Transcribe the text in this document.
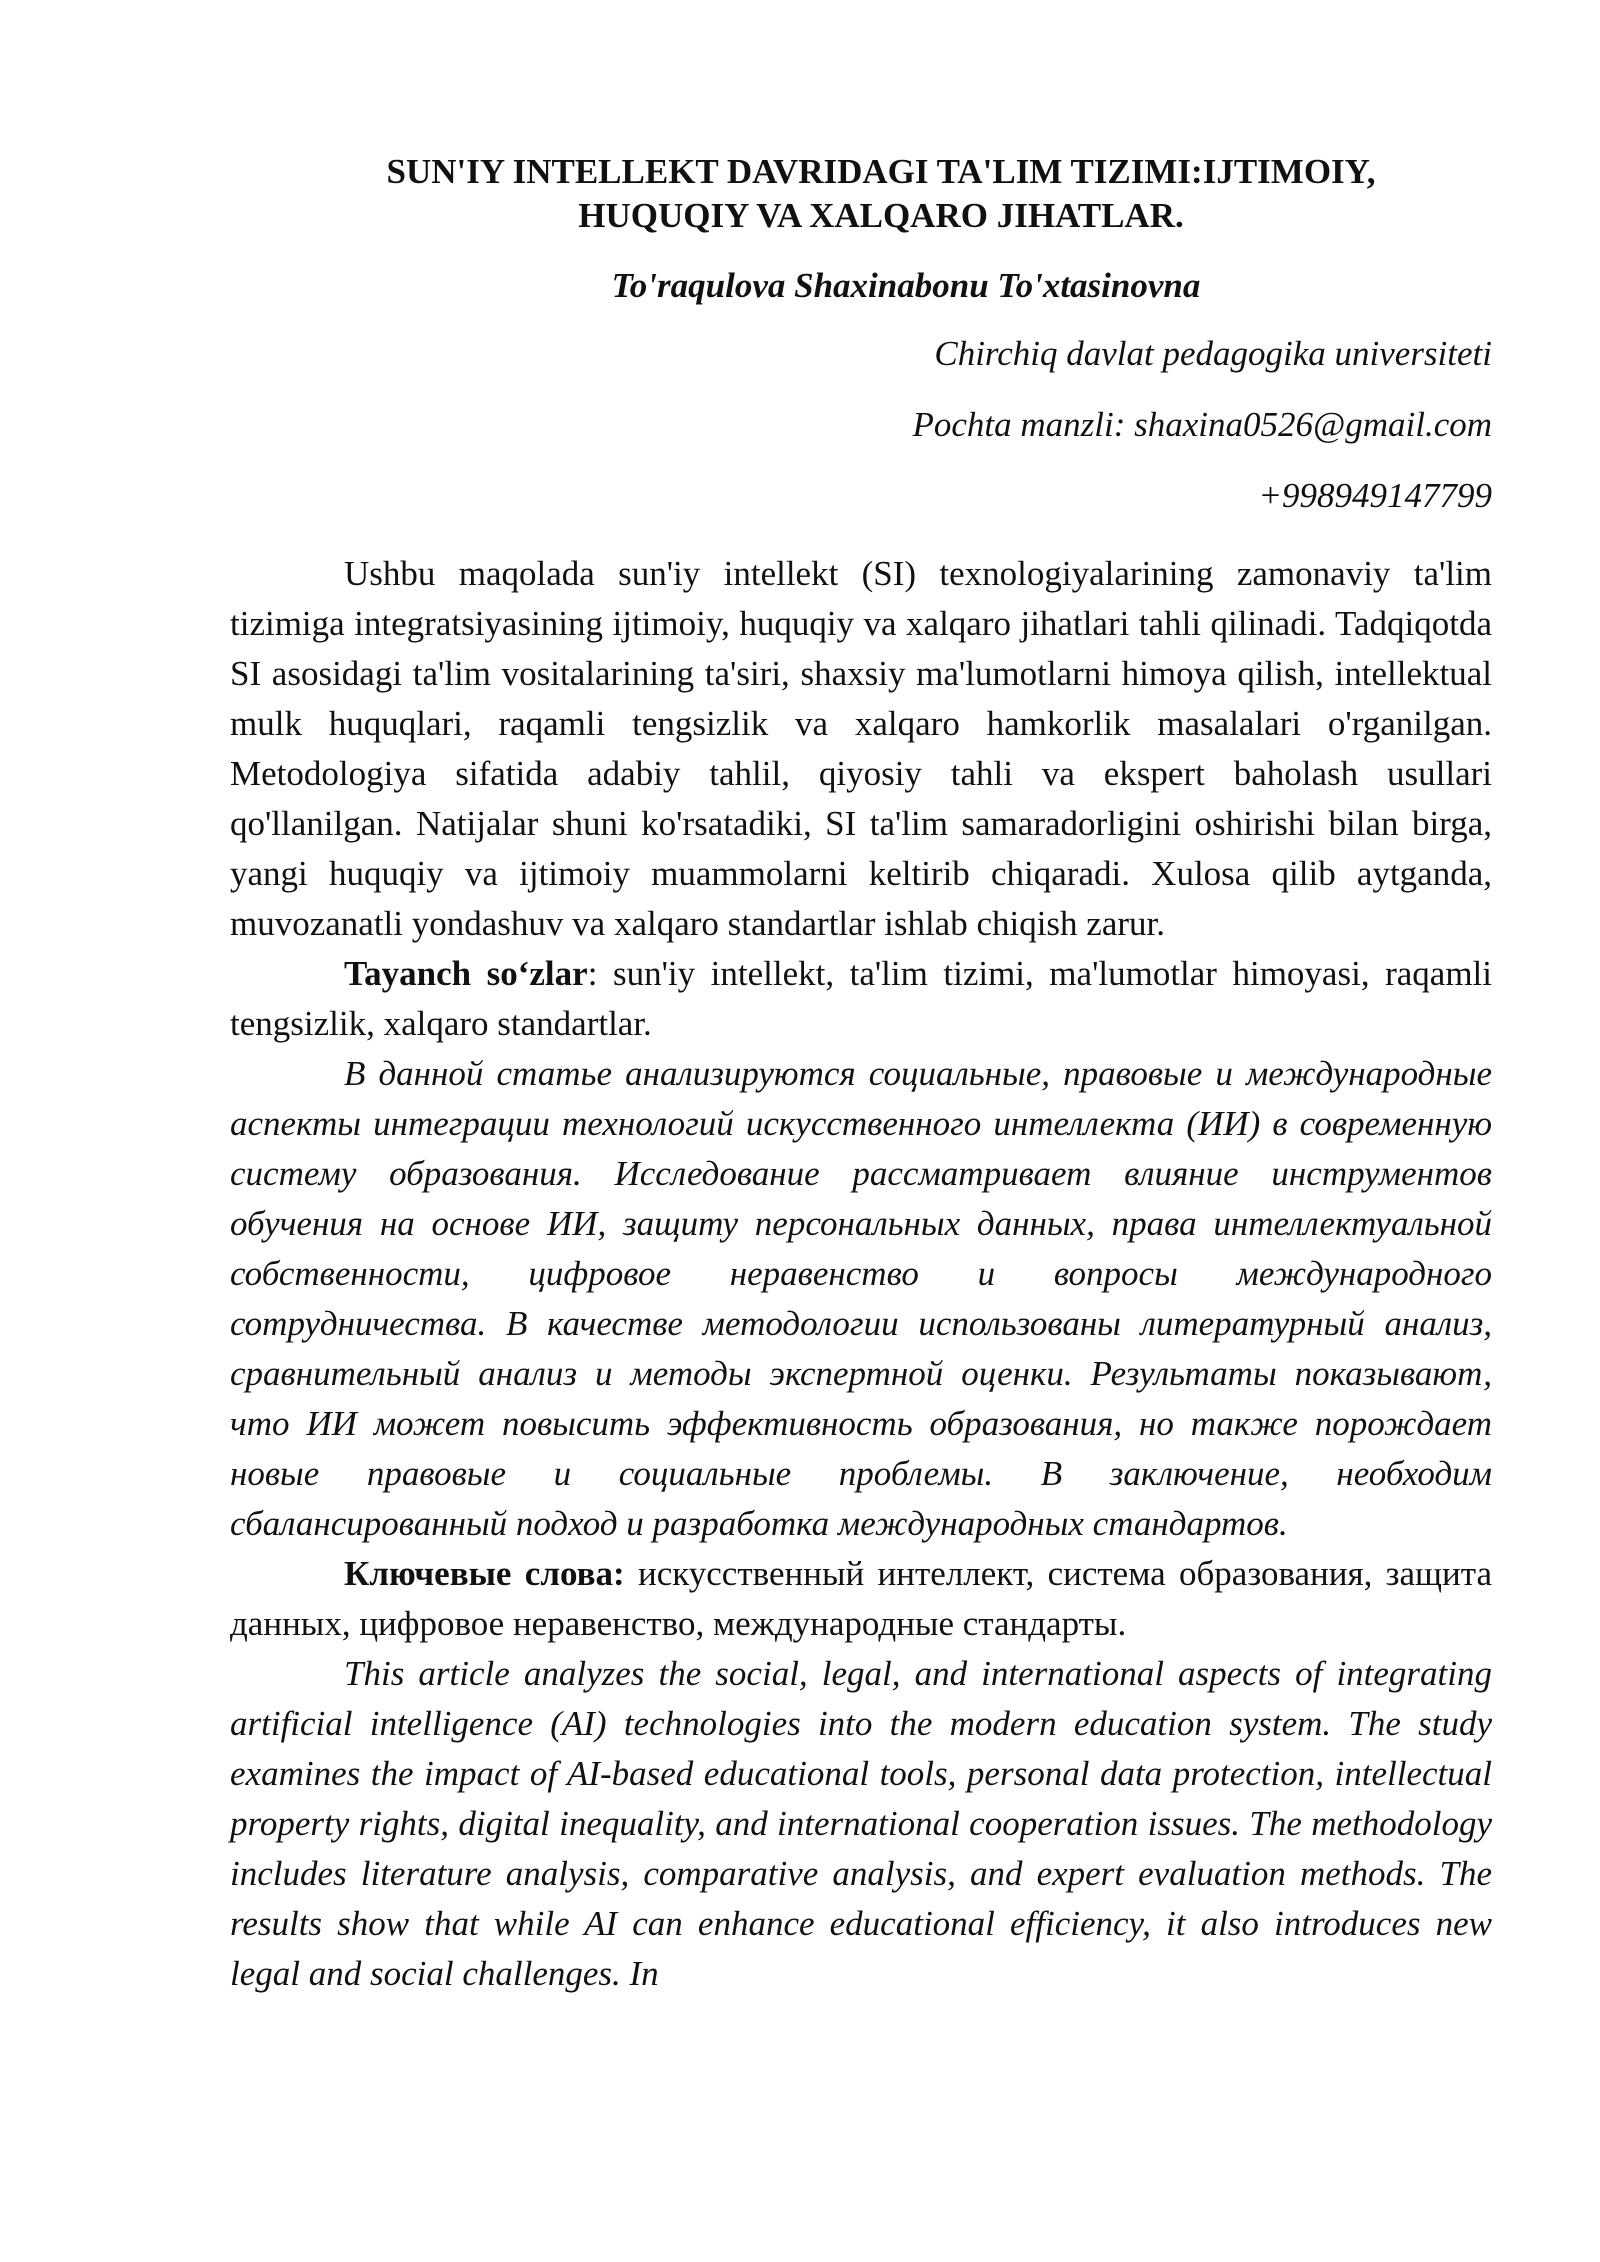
SUN'IY INTELLEKT DAVRIDAGI TA'LIM TIZIMI:IJTIMOIY,
HUQUQIY VA XALQARO JIHATLAR.
To'raqulova Shaxinabonu To'xtasinovna
Chirchiq davlat pedagogika universiteti
Pochta manzli: shaxina0526@gmail.com
+998949147799

Ushbu maqolada sun'iy intellekt (SI) texnologiyalarining zamonaviy ta'lim tizimiga integratsiyasining ijtimoiy, huquqiy va xalqaro jihatlari tahli qilinadi. Tadqiqotda SI asosidagi ta'lim vositalarining ta'siri, shaxsiy ma'lumotlarni himoya qilish, intellektual mulk huquqlari, raqamli tengsizlik va xalqaro hamkorlik masalalari o'rganilgan. Metodologiya sifatida adabiy tahlil, qiyosiy tahli va ekspert baholash usullari qo'llanilgan. Natijalar shuni ko'rsatadiki, SI ta'lim samaradorligini oshirishi bilan birga, yangi huquqiy va ijtimoiy muammolarni keltirib chiqaradi. Xulosa qilib aytganda, muvozanatli yondashuv va xalqaro standartlar ishlab chiqish zarur.

Tayanch so‘zlar: sun'iy intellekt, ta'lim tizimi, ma'lumotlar himoyasi, raqamli tengsizlik, xalqaro standartlar.

В данной статье анализируются социальные, правовые и международные аспекты интеграции технологий искусственного интеллекта (ИИ) в современную систему образования. Исследование рассматривает влияние инструментов обучения на основе ИИ, защиту персональных данных, права интеллектуальной собственности, цифровое неравенство и вопросы международного сотрудничества. В качестве методологии использованы литературный анализ, сравнительный анализ и методы экспертной оценки. Результаты показывают, что ИИ может повысить эффективность образования, но также порождает новые правовые и социальные проблемы. В заключение, необходим сбалансированный подход и разработка международных стандартов.

Ключевые слова: искусственный интеллект, система образования, защита данных, цифровое неравенство, международные стандарты.

This article analyzes the social, legal, and international aspects of integrating artificial intelligence (AI) technologies into the modern education system. The study examines the impact of AI-based educational tools, personal data protection, intellectual property rights, digital inequality, and international cooperation issues. The methodology includes literature analysis, comparative analysis, and expert evaluation methods. The results show that while AI can enhance educational efficiency, it also introduces new legal and social challenges. In
